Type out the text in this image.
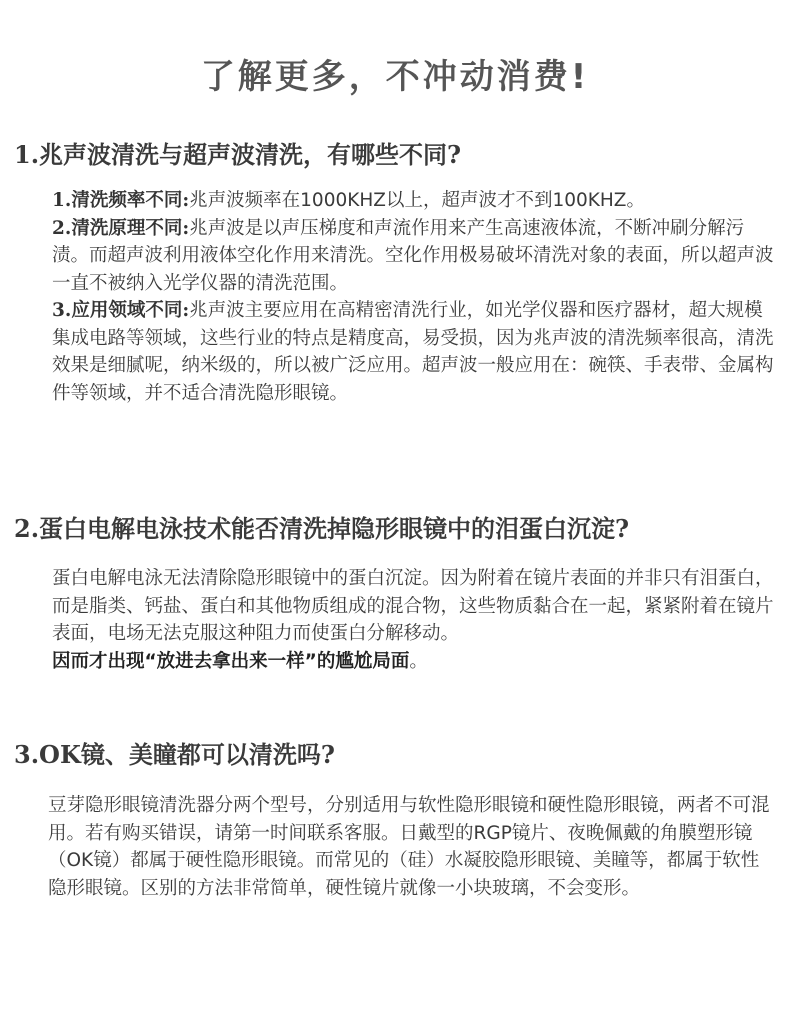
了解更多，不冲动消费!
1.兆声波清洗与超声波清洗，有哪些不同?

1.清洗频率不同:兆声波频率在1000KHZ以上，超声波才不到100KHZ。

2.清洗原理不同:兆声波是以声压梯度和声流作用来产生高速液体流，不断冲刷分解污渍。而超声波利用液体空化作用来清洗。空化作用极易破坏清洗对象的表面，所以超声波一直不被纳入光学仪器的清洗范围。

3.应用领域不同:兆声波主要应用在高精密清洗行业，如光学仪器和医疗器材，超大规模集成电路等领域，这些行业的特点是精度高，易受损，因为兆声波的清洗频率很高，清洗效果是细腻呢，纳米级的，所以被广泛应用。超声波一般应用在：碗筷、手表带、金属构件等领域，并不适合清洗隐形眼镜。

2.蛋白电解电泳技术能否清洗掉隐形眼镜中的泪蛋白沉淀?

蛋白电解电泳无法清除隐形眼镜中的蛋白沉淀。因为附着在镜片表面的并非只有泪蛋白，而是脂类、钙盐、蛋白和其他物质组成的混合物，这些物质黏合在一起，紧紧附着在镜片表面，电场无法克服这种阻力而使蛋白分解移动。

因而才出现“放进去拿出来一样”的尴尬局面。

3.OK镜、美瞳都可以清洗吗?

豆芽隐形眼镜清洗器分两个型号，分别适用与软性隐形眼镜和硬性隐形眼镜，两者不可混用。若有购买错误，请第一时间联系客服。日戴型的RGP镜片、夜晚佩戴的角膜塑形镜（OK镜）都属于硬性隐形眼镜。而常见的（硅）水凝胶隐形眼镜、美瞳等，都属于软性隐形眼镜。区别的方法非常简单，硬性镜片就像一小块玻璃，不会变形。
